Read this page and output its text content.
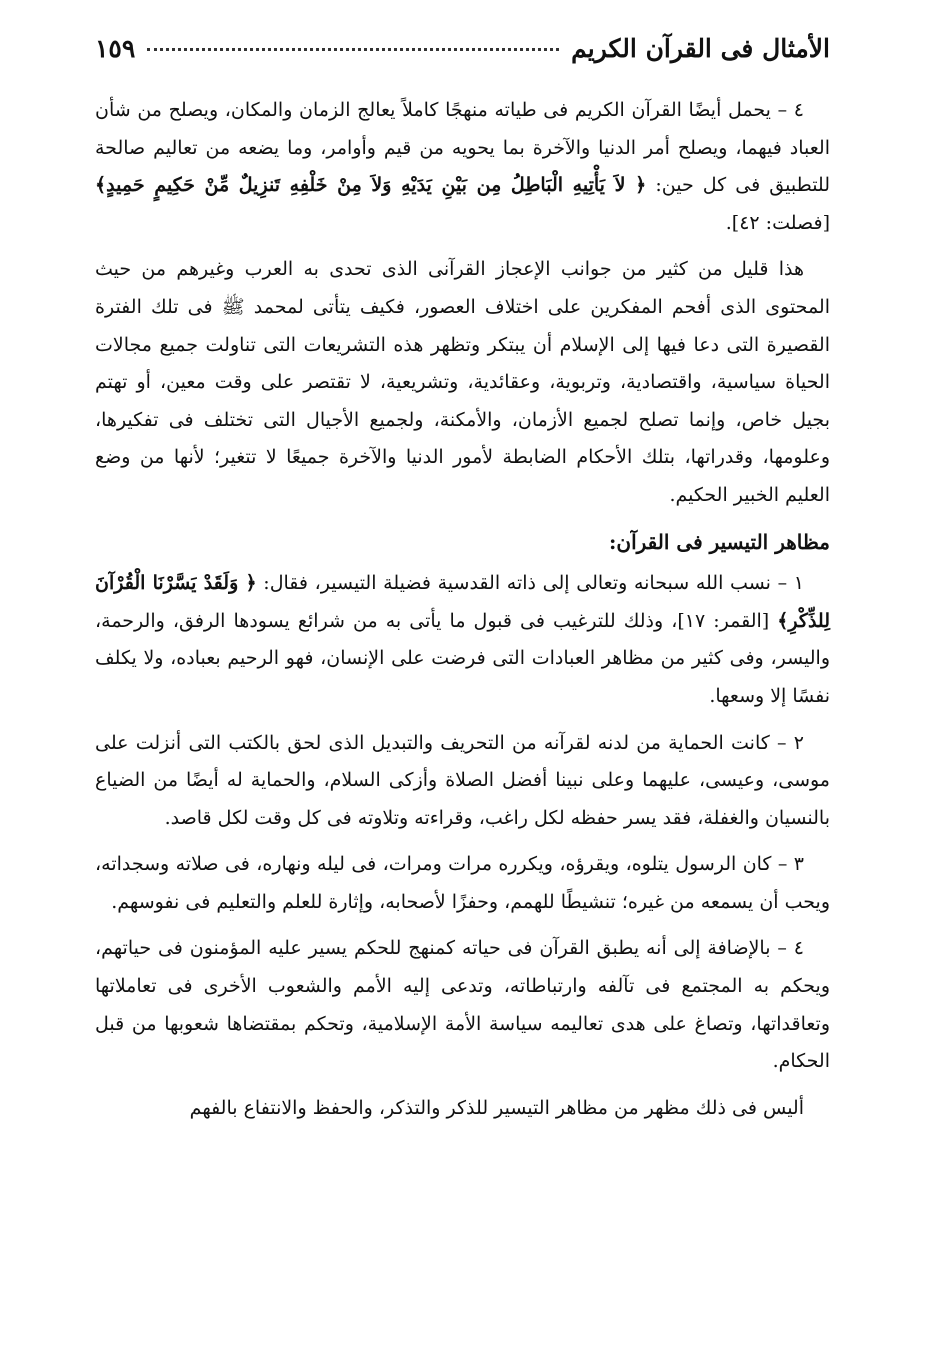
الأمثال فى القرآن الكريم
١٥٩

٤ – يحمل أيضًا القرآن الكريم فى طياته منهجًا كاملاً يعالج الزمان والمكان، ويصلح من شأن العباد فيهما، ويصلح أمر الدنيا والآخرة بما يحويه من قيم وأوامر، وما يضعه من تعاليم صالحة للتطبيق فى كل حين: ﴿ لاَ يَأْتِيهِ الْبَاطِلُ مِن بَيْنِ يَدَيْهِ وَلاَ مِنْ خَلْفِهِ تَنزِيلٌ مِّنْ حَكِيمٍ حَمِيدٍ﴾ [فصلت: ٤٢].

هذا قليل من كثير من جوانب الإعجاز القرآنى الذى تحدى به العرب وغيرهم من حيث المحتوى الذى أفحم المفكرين على اختلاف العصور، فكيف يتأتى لمحمد ﷺ فى تلك الفترة القصيرة التى دعا فيها إلى الإسلام أن يبتكر وتظهر هذه التشريعات التى تناولت جميع مجالات الحياة سياسية، واقتصادية، وتربوية، وعقائدية، وتشريعية، لا تقتصر على وقت معين، أو تهتم بجيل خاص، وإنما تصلح لجميع الأزمان، والأمكنة، ولجميع الأجيال التى تختلف فى تفكيرها، وعلومها، وقدراتها، بتلك الأحكام الضابطة لأمور الدنيا والآخرة جميعًا لا تتغير؛ لأنها من وضع العليم الخبير الحكيم.

مظاهر التيسير فى القرآن:

١ – نسب الله سبحانه وتعالى إلى ذاته القدسية فضيلة التيسير، فقال: ﴿ وَلَقَدْ يَسَّرْنَا الْقُرْآنَ لِلذِّكْرِ﴾ [القمر: ١٧]، وذلك للترغيب فى قبول ما يأتى به من شرائع يسودها الرفق، والرحمة، واليسر، وفى كثير من مظاهر العبادات التى فرضت على الإنسان، فهو الرحيم بعباده، ولا يكلف نفسًا إلا وسعها.

٢ – كانت الحماية من لدنه لقرآنه من التحريف والتبديل الذى لحق بالكتب التى أنزلت على موسى، وعيسى، عليهما وعلى نبينا أفضل الصلاة وأزكى السلام، والحماية له أيضًا من الضياع بالنسيان والغفلة، فقد يسر حفظه لكل راغب، وقراءته وتلاوته فى كل وقت لكل قاصد.

٣ – كان الرسول يتلوه، ويقرؤه، ويكرره مرات ومرات، فى ليله ونهاره، فى صلاته وسجداته، ويحب أن يسمعه من غيره؛ تنشيطًا للهمم، وحفزًا لأصحابه، وإثارة للعلم والتعليم فى نفوسهم.

٤ – بالإضافة إلى أنه يطبق القرآن فى حياته كمنهج للحكم يسير عليه المؤمنون فى حياتهم، ويحكم به المجتمع فى تآلفه وارتباطاته، وتدعى إليه الأمم والشعوب الأخرى فى تعاملاتها وتعاقداتها، وتصاغ على هدى تعاليمه سياسة الأمة الإسلامية، وتحكم بمقتضاها شعوبها من قبل الحكام.

أليس فى ذلك مظهر من مظاهر التيسير للذكر والتذكر، والحفظ والانتفاع بالفهم
